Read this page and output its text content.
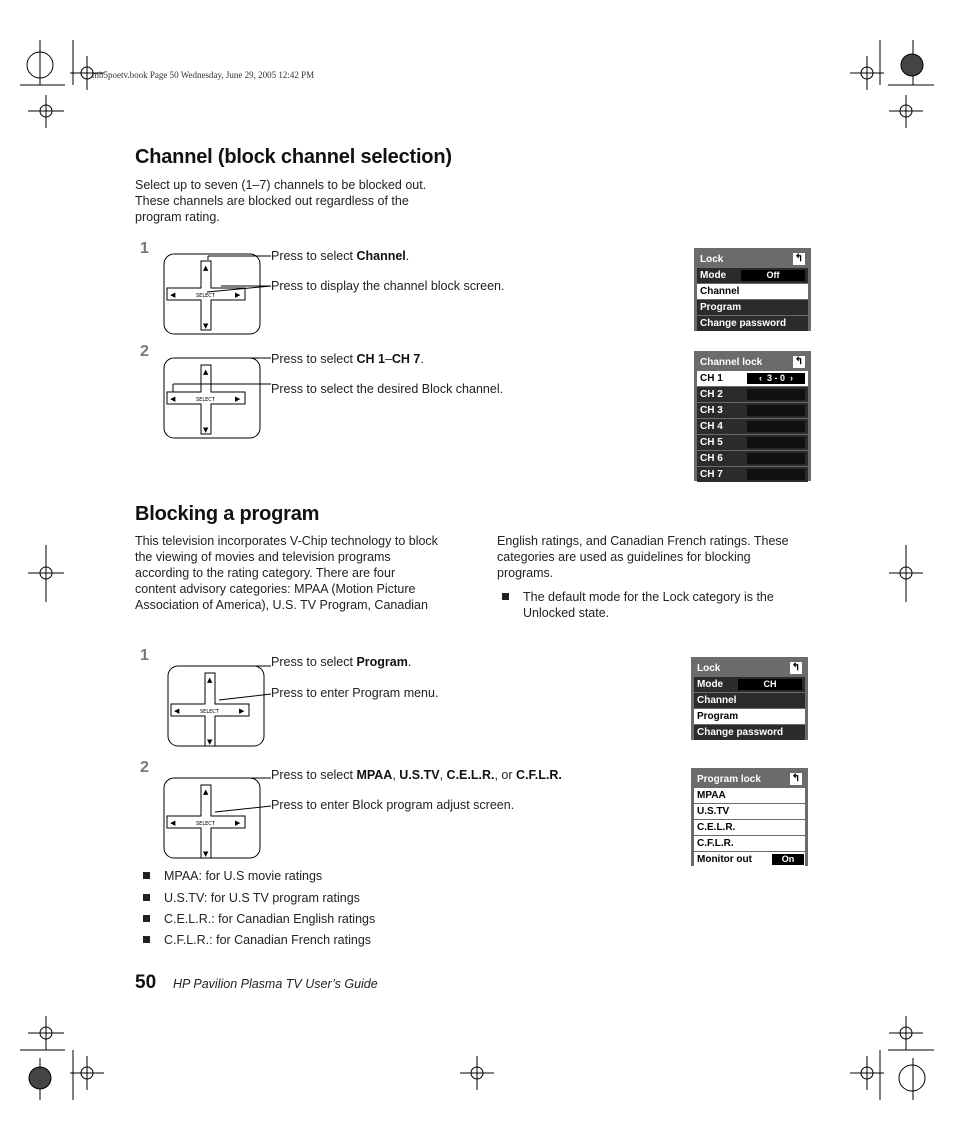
mb5poetv.book Page 50 Wednesday, June 29, 2005 12:42 PM
Channel (block channel selection)
Select up to seven (1–7) channels to be blocked out.
These channels are blocked out regardless of the
program rating.
1	Press to select Channel.
Press to display the channel block screen.
2	Press to select CH 1–CH 7.
Press to select the desired Block channel.
▲
▼
◀	▶
SELECT
▲
▼
◀	▶
SELECT
Lock	↰
Mode	Off
Channel
Program
Change password
Channel lock	↰
CH 1	‹ 3 - 0 ›
CH 2
CH 3
CH 4
CH 5
CH 6
CH 7
Blocking a program
This television incorporates V-Chip technology to block
the viewing of movies and television programs
according to the rating category. There are four
content advisory categories: MPAA (Motion Picture
Association of America), U.S. TV Program, Canadian
English ratings, and Canadian French ratings. These
categories are used as guidelines for blocking
programs.
The default mode for the Lock category is the
Unlocked state.
1	Press to select Program.
Press to enter Program menu.
2	Press to select MPAA, U.S.TV, C.E.L.R., or C.F.L.R.
Press to enter Block program adjust screen.
▲
▼
◀	▶
SELECT
▲
▼
◀	▶
SELECT
Lock	↰
Mode	CH
Channel
Program
Change password
Program lock	↰
MPAA
U.S.TV
C.E.L.R.
C.F.L.R.
Monitor out	On
MPAA: for U.S movie ratings
U.S.TV: for U.S TV program ratings
C.E.L.R.: for Canadian English ratings
C.F.L.R.: for Canadian French ratings
50 HP Pavilion Plasma TV User’s Guide
